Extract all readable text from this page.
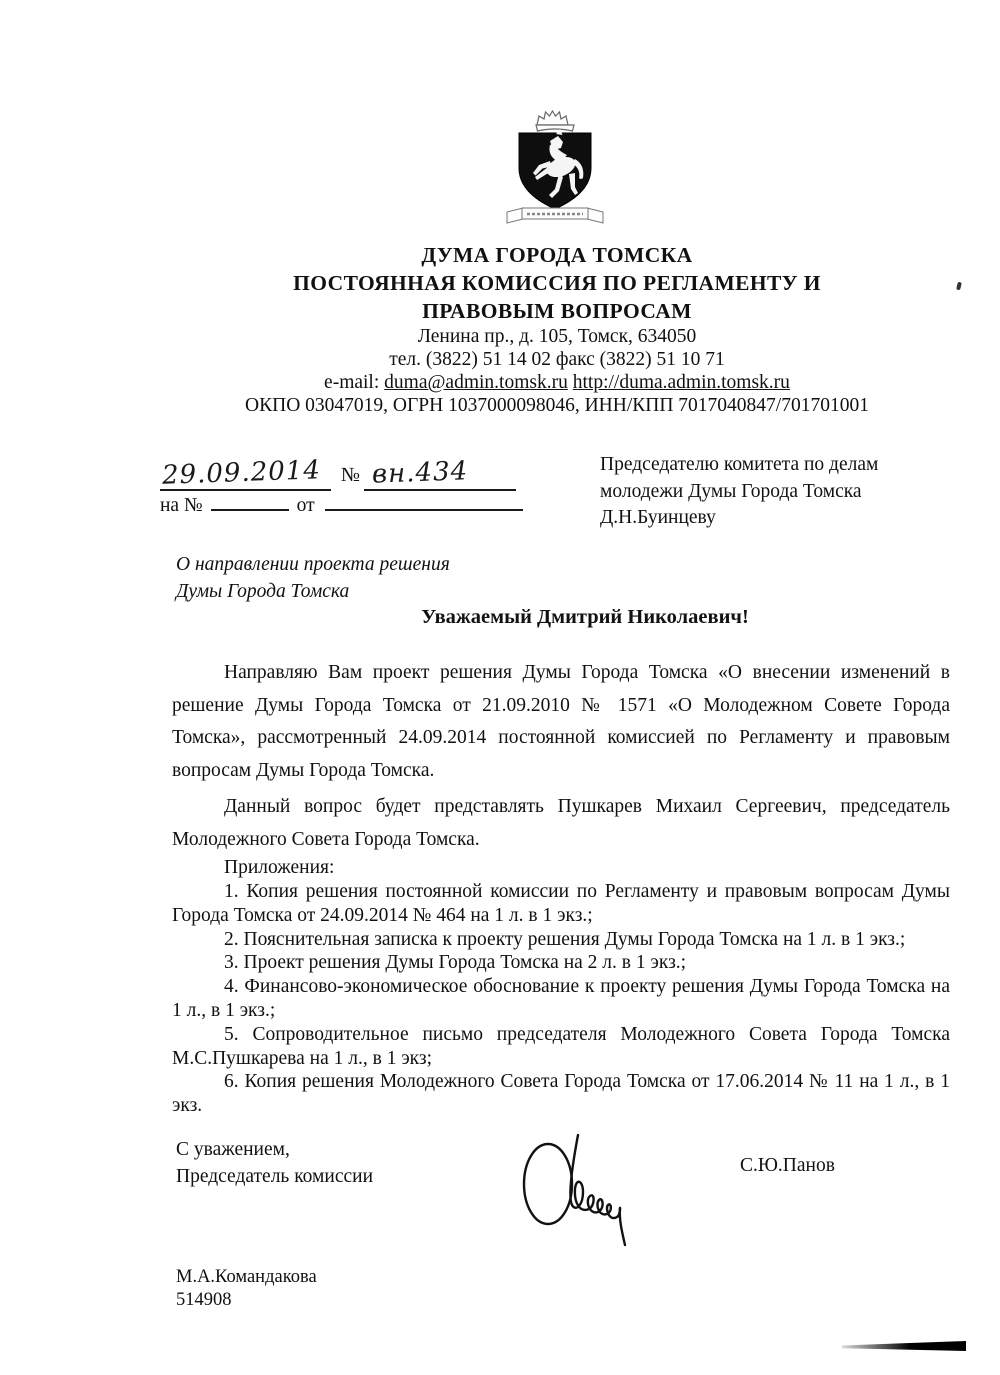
ДУМА ГОРОДА ТОМСКА
ПОСТОЯННАЯ КОМИССИЯ ПО РЕГЛАМЕНТУ И
ПРАВОВЫМ ВОПРОСАМ
Ленина пр., д. 105, Томск, 634050
тел. (3822) 51 14 02 факс (3822) 51 10 71
e-mail: duma@admin.tomsk.ru http://duma.admin.tomsk.ru
ОКПО 03047019, ОГРН 1037000098046, ИНН/КПП 7017040847/701701001
29.09.2014 № вн.434
на №	от
Председателю комитета по делам
молодежи Думы Города Томска
Д.Н.Буинцеву
О направлении проекта решения
Думы Города Томска
Уважаемый Дмитрий Николаевич!

Направляю Вам проект решения Думы Города Томска «О внесении изменений в решение Думы Города Томска от 21.09.2010 № 1571 «О Молодежном Совете Города Томска», рассмотренный 24.09.2014 постоянной комиссией по Регламенту и правовым вопросам Думы Города Томска.

Данный вопрос будет представлять Пушкарев Михаил Сергеевич, председатель Молодежного Совета Города Томска.

Приложения:

1. Копия решения постоянной комиссии по Регламенту и правовым вопросам Думы Города Томска от 24.09.2014 № 464 на 1 л. в 1 экз.;

2. Пояснительная записка к проекту решения Думы Города Томска на 1 л. в 1 экз.;

3. Проект решения Думы Города Томска на 2 л. в 1 экз.;

4. Финансово-экономическое обоснование к проекту решения Думы Города Томска на 1 л., в 1 экз.;

5. Сопроводительное письмо председателя Молодежного Совета Города Томска М.С.Пушкарева на 1 л., в 1 экз;

6. Копия решения Молодежного Совета Города Томска от 17.06.2014 № 11 на 1 л., в 1 экз.

С уважением,
Председатель комиссии
С.Ю.Панов
М.А.Командакова
514908
